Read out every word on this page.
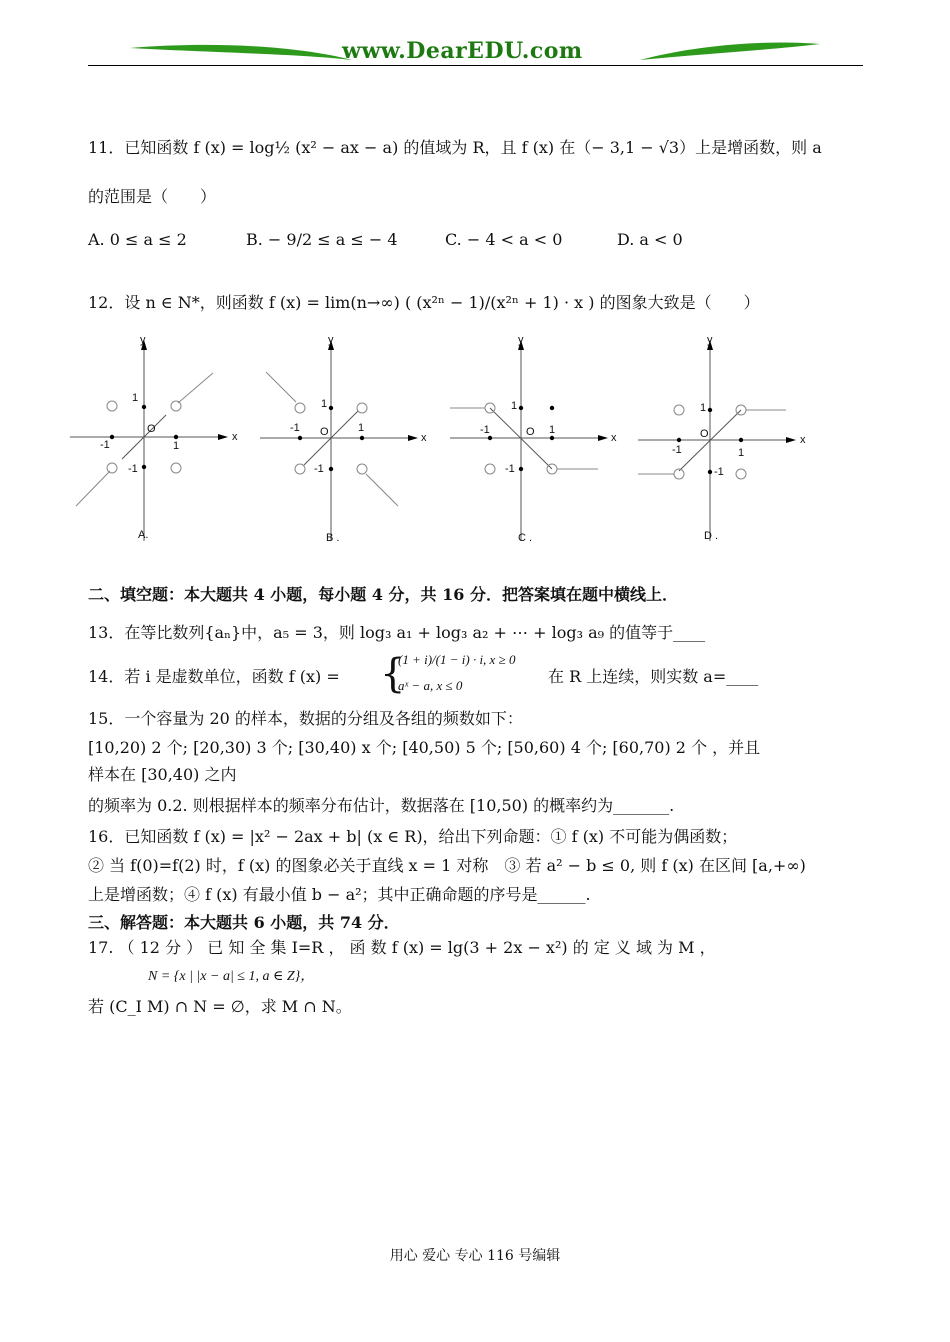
www.DearEDU.com
11．已知函数 f (x) = log½ (x² − ax − a) 的值域为 R，且 f (x) 在（− 3,1 − √3）上是增函数，则 a
的范围是（　　）
A. 0 ≤ a ≤ 2	B. − 9/2 ≤ a ≤ − 4	C. − 4 < a < 0	D. a < 0
12．设 n ∈ N*，则函数 f (x) = lim(n→∞) ( (x²ⁿ − 1)/(x²ⁿ + 1) · x ) 的图象大致是（　　）
y
x
O
1
1
-1
-1
A.
y
x
O
1
1
-1
-1
B .
y
x
O
1
1
-1
-1
C .
y
x
O
1
1
-1
-1
D .
二、填空题：本大题共 4 小题，每小题 4 分，共 16 分．把答案填在题中横线上．
13．在等比数列{aₙ}中，a₅ = 3，则 log₃ a₁ + log₃ a₂ + ⋯ + log₃ a₉ 的值等于____
14．若 i 是虚数单位，函数 f (x) = {
(1 + i)/(1 − i) · i, x ≥ 0
aˣ − a, x ≤ 0	在 R 上连续，则实数 a=____
15．一个容量为 20 的样本，数据的分组及各组的频数如下：
[10,20) 2 个; [20,30) 3 个; [30,40) x 个; [40,50) 5 个; [50,60) 4 个; [60,70) 2 个 ，并且
样本在 [30,40) 之内
的频率为 0.2. 则根据样本的频率分布估计，数据落在 [10,50) 的概率约为_______.
16．已知函数 f (x) = |x² − 2ax + b| (x ∈ R)，给出下列命题：① f (x) 不可能为偶函数；
② 当 f(0)=f(2) 时，f (x) 的图象必关于直线 x = 1 对称　③ 若 a² − b ≤ 0, 则 f (x) 在区间 [a,+∞)
上是增函数；④ f (x) 有最小值 b − a²；其中正确命题的序号是______.
三、解答题：本大题共 6 小题，共 74 分．
17. （ 12 分 ） 已 知 全 集 I=R ， 函 数 f (x) = lg(3 + 2x − x²) 的 定 义 域 为 M ，
N = {x | |x − a| ≤ 1, a ∈ Z}，
若 (C_I M) ∩ N = ∅，求 M ∩ N。
用心 爱心 专心 116 号编辑
